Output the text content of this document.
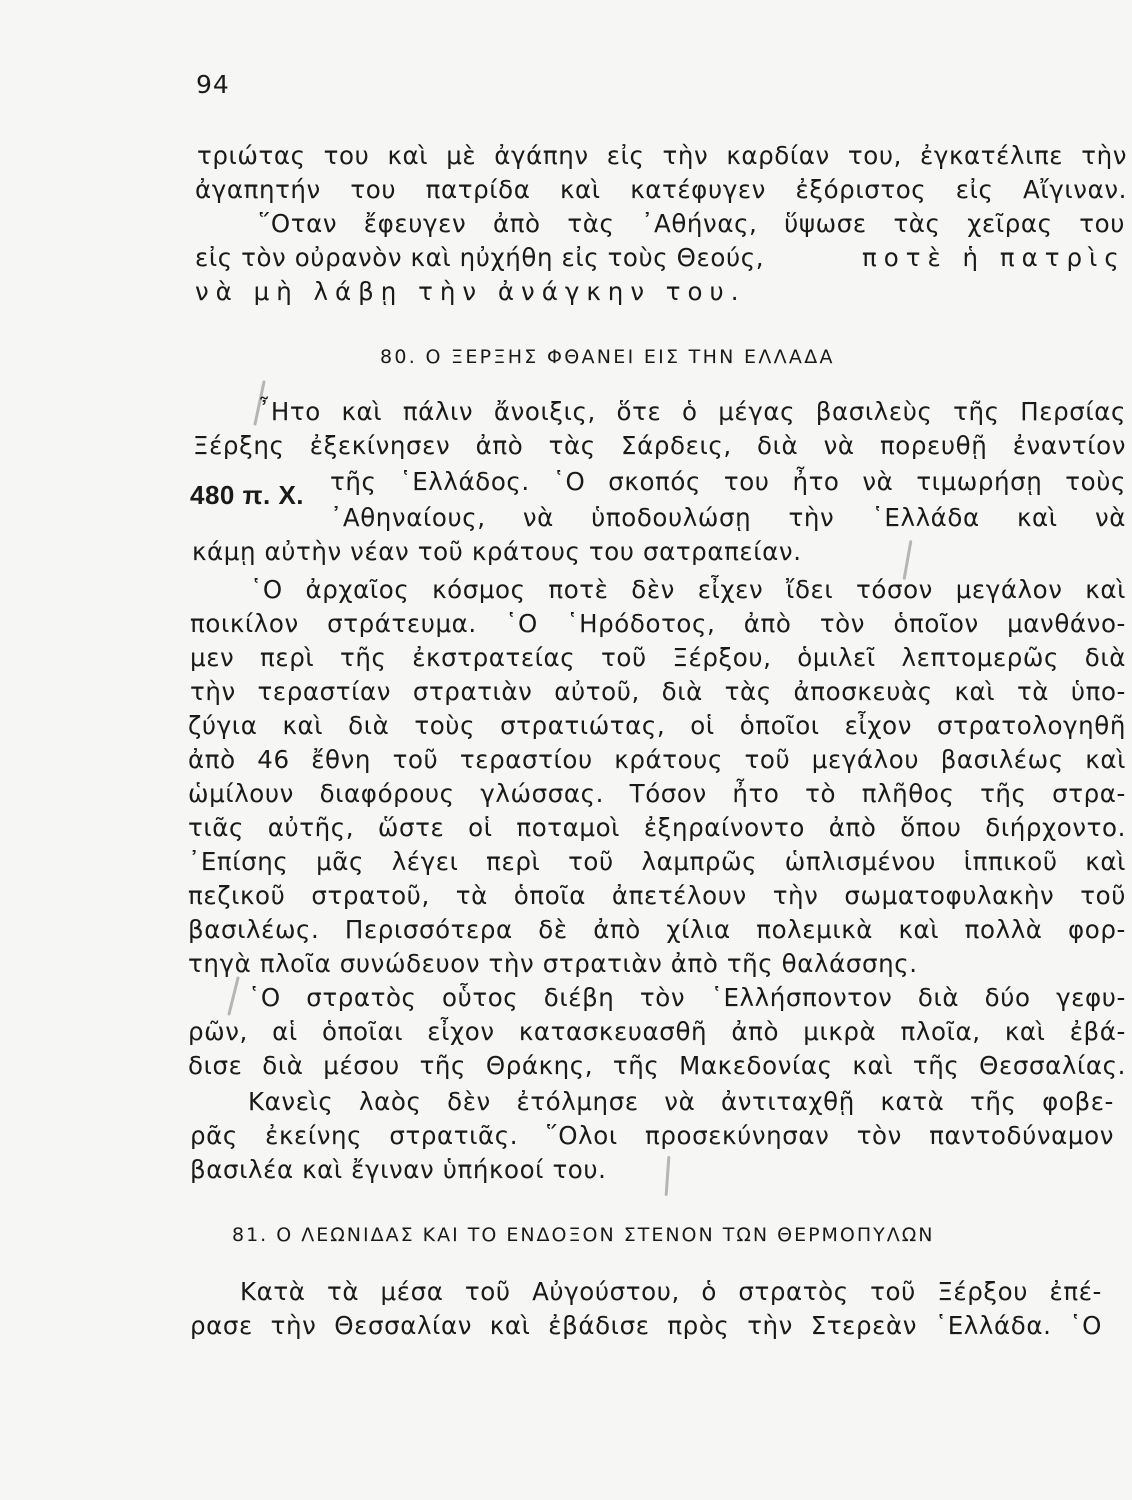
94
τριώτας του καὶ μὲ ἀγάπην εἰς τὴν καρδίαν του, ἐγκατέλιπε τὴν
ἀγαπητήν του πατρίδα καὶ κατέφυγεν ἐξόριστος εἰς Αἴγιναν.
῞Οταν ἔφευγεν ἀπὸ τὰς ᾿Αθήνας, ὕψωσε τὰς χεῖρας του
εἰς τὸν οὐρανὸν καὶ ηὐχήθη εἰς τοὺς Θεούς,	ποτὲ ἡ πατρὶς
νὰ μὴ λάβῃ τὴν ἀνάγκην του.
80. Ο ΞΕΡΞΗΣ ΦΘΑΝΕΙ ΕΙΣ ΤΗΝ ΕΛΛΑΔΑ
῏Ητο καὶ πάλιν ἄνοιξις, ὅτε ὁ μέγας βασιλεὺς τῆς Περσίας
Ξέρξης ἐξεκίνησεν ἀπὸ τὰς Σάρδεις, διὰ νὰ πορευθῇ ἐναντίον
480 π. Χ. τῆς ῾Ελλάδος. ῾Ο σκοπός του ἦτο νὰ τιμωρήσῃ τοὺς
᾿Αθηναίους, νὰ ὑποδουλώσῃ τὴν ῾Ελλάδα καὶ νὰ
κάμῃ αὐτὴν νέαν τοῦ κράτους του σατραπείαν.
῾Ο ἀρχαῖος κόσμος ποτὲ δὲν εἶχεν ἴδει τόσον μεγάλον καὶ
ποικίλον στράτευμα. ῾Ο ῾Ηρόδοτος, ἀπὸ τὸν ὁποῖον μανθάνο-
μεν περὶ τῆς ἐκστρατείας τοῦ Ξέρξου, ὁμιλεῖ λεπτομερῶς διὰ
τὴν τεραστίαν στρατιὰν αὐτοῦ, διὰ τὰς ἀποσκευὰς καὶ τὰ ὑπο-
ζύγια καὶ διὰ τοὺς στρατιώτας, οἱ ὁποῖοι εἶχον στρατολογηθῆ
ἀπὸ 46 ἔθνη τοῦ τεραστίου κράτους τοῦ μεγάλου βασιλέως καὶ
ὡμίλουν διαφόρους γλώσσας. Τόσον ἦτο τὸ πλῆθος τῆς στρα-
τιᾶς αὐτῆς, ὥστε οἱ ποταμοὶ ἐξηραίνοντο ἀπὸ ὅπου διήρχοντο.
᾿Επίσης μᾶς λέγει περὶ τοῦ λαμπρῶς ὡπλισμένου ἱππικοῦ καὶ
πεζικοῦ στρατοῦ, τὰ ὁποῖα ἀπετέλουν τὴν σωματοφυλακὴν τοῦ
βασιλέως. Περισσότερα δὲ ἀπὸ χίλια πολεμικὰ καὶ πολλὰ φορ-
τηγὰ πλοῖα συνώδευον τὴν στρατιὰν ἀπὸ τῆς θαλάσσης.
῾Ο στρατὸς οὗτος διέβη τὸν ῾Ελλήσποντον διὰ δύο γεφυ-
ρῶν, αἱ ὁποῖαι εἶχον κατασκευασθῆ ἀπὸ μικρὰ πλοῖα, καὶ ἐβά-
δισε διὰ μέσου τῆς Θράκης, τῆς Μακεδονίας καὶ τῆς Θεσσαλίας.
Κανεὶς λαὸς δὲν ἐτόλμησε νὰ ἀντιταχθῇ κατὰ τῆς φοβε-
ρᾶς ἐκείνης στρατιᾶς. ῞Ολοι προσεκύνησαν τὸν παντοδύναμον
βασιλέα καὶ ἔγιναν ὑπήκοοί του.
81. Ο ΛΕΩΝΙΔΑΣ ΚΑΙ ΤΟ ΕΝΔΟΞΟΝ ΣΤΕΝΟΝ ΤΩΝ ΘΕΡΜΟΠΥΛΩΝ
Κατὰ τὰ μέσα τοῦ Αὐγούστου, ὁ στρατὸς τοῦ Ξέρξου ἐπέ-
ρασε τὴν Θεσσαλίαν καὶ ἐβάδισε πρὸς τὴν Στερεὰν ῾Ελλάδα. ῾Ο
